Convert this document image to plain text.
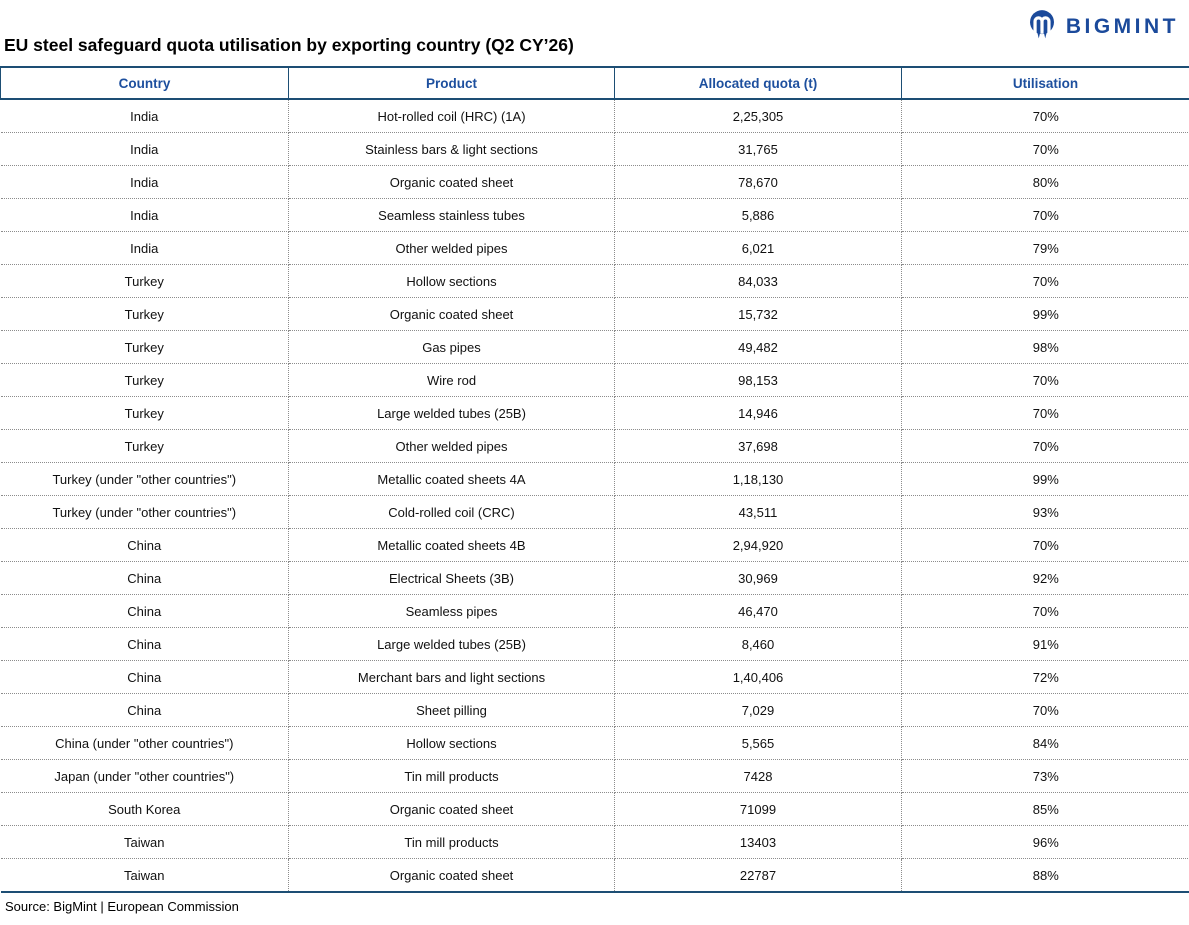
BIGMINT
EU steel safeguard quota utilisation by exporting country (Q2 CY’26)
Country	Product	Allocated quota (t)	Utilisation
India	Hot-rolled coil (HRC) (1A)	2,25,305	70%
India	Stainless bars & light sections	31,765	70%
India	Organic coated sheet	78,670	80%
India	Seamless stainless tubes	5,886	70%
India	Other welded pipes	6,021	79%
Turkey	Hollow sections	84,033	70%
Turkey	Organic coated sheet	15,732	99%
Turkey	Gas pipes	49,482	98%
Turkey	Wire rod	98,153	70%
Turkey	Large welded tubes (25B)	14,946	70%
Turkey	Other welded pipes	37,698	70%
Turkey (under "other countries")	Metallic coated sheets 4A	1,18,130	99%
Turkey (under "other countries")	Cold-rolled coil (CRC)	43,511	93%
China	Metallic coated sheets 4B	2,94,920	70%
China	Electrical Sheets (3B)	30,969	92%
China	Seamless pipes	46,470	70%
China	Large welded tubes (25B)	8,460	91%
China	Merchant bars and light sections	1,40,406	72%
China	Sheet pilling	7,029	70%
China (under "other countries")	Hollow sections	5,565	84%
Japan (under "other countries")	Tin mill products	7428	73%
South Korea	Organic coated sheet	71099	85%
Taiwan	Tin mill products	13403	96%
Taiwan	Organic coated sheet	22787	88%
Source: BigMint | European Commission
